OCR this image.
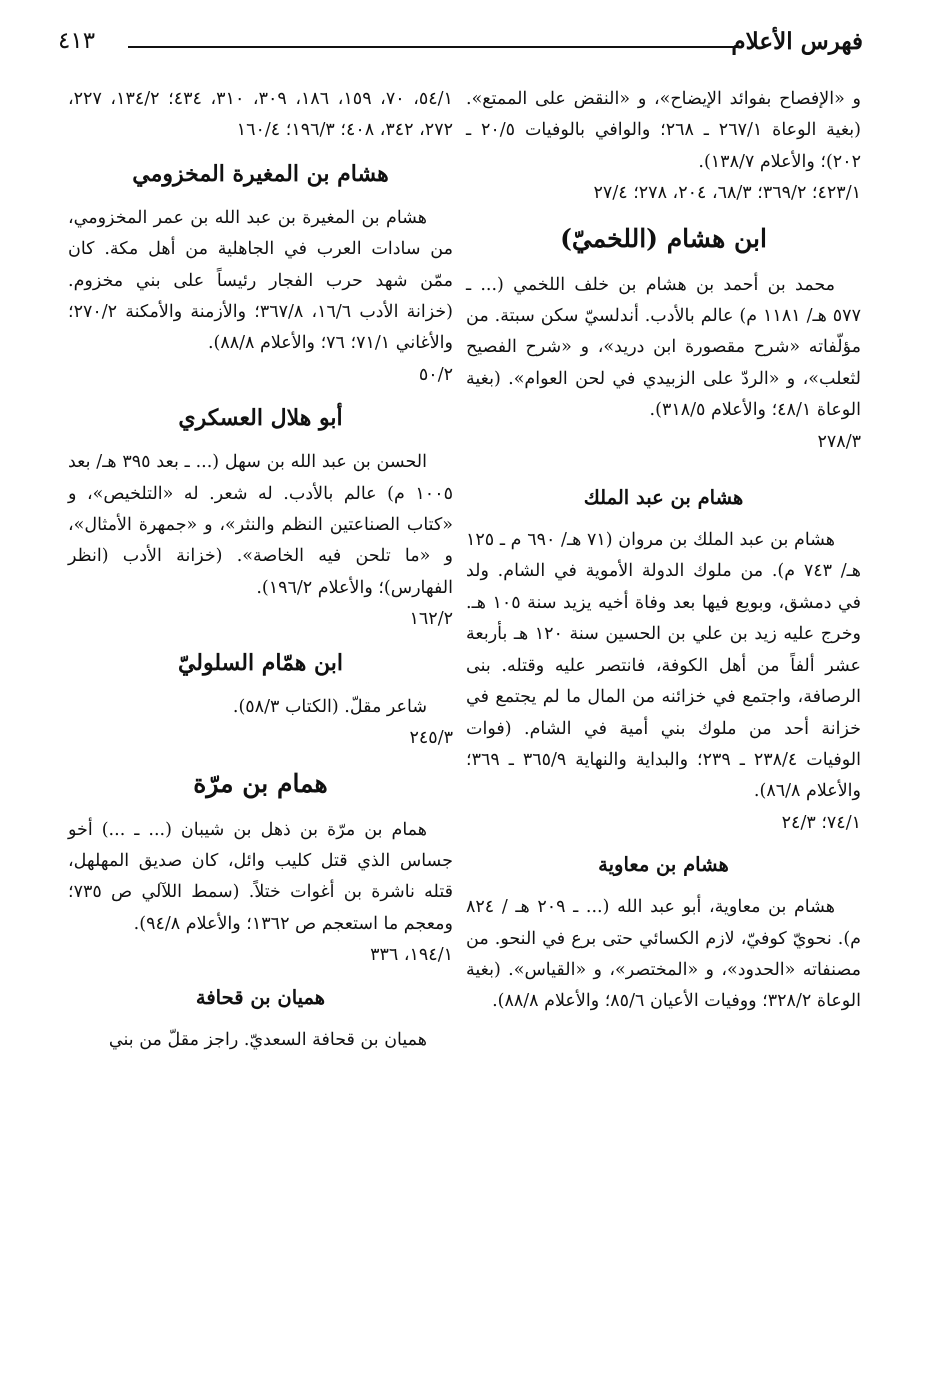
فهرس الأعلام
٤١٣

و «الإفصاح بفوائد الإيضاح»، و «النقض على الممتع». (بغية الوعاة ٢٦٧/١ ـ ٢٦٨؛ والوافي بالوفيات ٢٠/٥ ـ ٢٠٢)؛ والأعلام ١٣٨/٧).

٤٢٣/١؛ ٣٦٩/٢؛ ٦٨/٣، ٢٠٤، ٢٧٨؛ ٢٧/٤

ابن هشام (اللخميّ)

محمد بن أحمد بن هشام بن خلف اللخمي (... ـ ٥٧٧ هـ/ ١١٨١ م) عالم بالأدب. أندلسيّ سكن سبتة. من مؤلّفاته «شرح مقصورة ابن دريد»، و «شرح الفصيح لثعلب»، و «الردّ على الزبيدي في لحن العوام». (بغية الوعاة ٤٨/١؛ والأعلام ٣١٨/٥).

٢٧٨/٣

هشام بن عبد الملك

هشام بن عبد الملك بن مروان (٧١ هـ/ ٦٩٠ م ـ ١٢٥ هـ/ ٧٤٣ م). من ملوك الدولة الأموية في الشام. ولد في دمشق، وبويع فيها بعد وفاة أخيه يزيد سنة ١٠٥ هـ. وخرج عليه زيد بن علي بن الحسين سنة ١٢٠ هـ بأربعة عشر ألفاً من أهل الكوفة، فانتصر عليه وقتله. بنى الرصافة، واجتمع في خزائنه من المال ما لم يجتمع في خزانة أحد من ملوك بني أمية في الشام. (فوات الوفيات ٢٣٨/٤ ـ ٢٣٩؛ والبداية والنهاية ٣٦٥/٩ ـ ٣٦٩؛ والأعلام ٨٦/٨).

٧٤/١؛ ٢٤/٣

هشام بن معاوية

هشام بن معاوية، أبو عبد الله (... ـ ٢٠٩ هـ / ٨٢٤ م). نحويّ كوفيّ، لازم الكسائي حتى برع في النحو. من مصنفاته «الحدود»، و «المختصر»، و «القياس». (بغية الوعاة ٣٢٨/٢؛ ووفيات الأعيان ٨٥/٦؛ والأعلام ٨٨/٨).

٥٤/١، ٧٠، ١٥٩، ١٨٦، ٣٠٩، ٣١٠، ٤٣٤؛ ١٣٤/٢، ٢٢٧، ٢٧٢، ٣٤٢، ٤٠٨؛ ١٩٦/٣؛ ١٦٠/٤

هشام بن المغيرة المخزومي

هشام بن المغيرة بن عبد الله بن عمر المخزومي، من سادات العرب في الجاهلية من أهل مكة. كان ممّن شهد حرب الفجار رئيساً على بني مخزوم. (خزانة الأدب ١٦/٦، ٣٦٧/٨؛ والأزمنة والأمكنة ٢٧٠/٢؛ والأغاني ٧١/١؛ ٧٦؛ والأعلام ٨٨/٨).

٥٠/٢

أبو هلال العسكري

الحسن بن عبد الله بن سهل (... ـ بعد ٣٩٥ هـ/ بعد ١٠٠٥ م) عالم بالأدب. له شعر. له «التلخيص»، و «كتاب الصناعتين النظم والنثر»، و «جمهرة الأمثال»، و «ما تلحن فيه الخاصة». (خزانة الأدب (انظر الفهارس)؛ والأعلام ١٩٦/٢).

١٦٢/٢

ابن همّام السلوليّ

شاعر مقلّ. (الكتاب ٥٨/٣).

٢٤٥/٣

همام بن مرّة

همام بن مرّة بن ذهل بن شيبان (... ـ ...) أخو جساس الذي قتل كليب وائل، كان صديق المهلهل، قتله ناشرة بن أغوات ختلاً. (سمط اللآلي ص ٧٣٥؛ ومعجم ما استعجم ص ١٣٦٢؛ والأعلام ٩٤/٨).

١٩٤/١، ٣٣٦

هميان بن قحافة

هميان بن قحافة السعديّ. راجز مقلّ من بني
